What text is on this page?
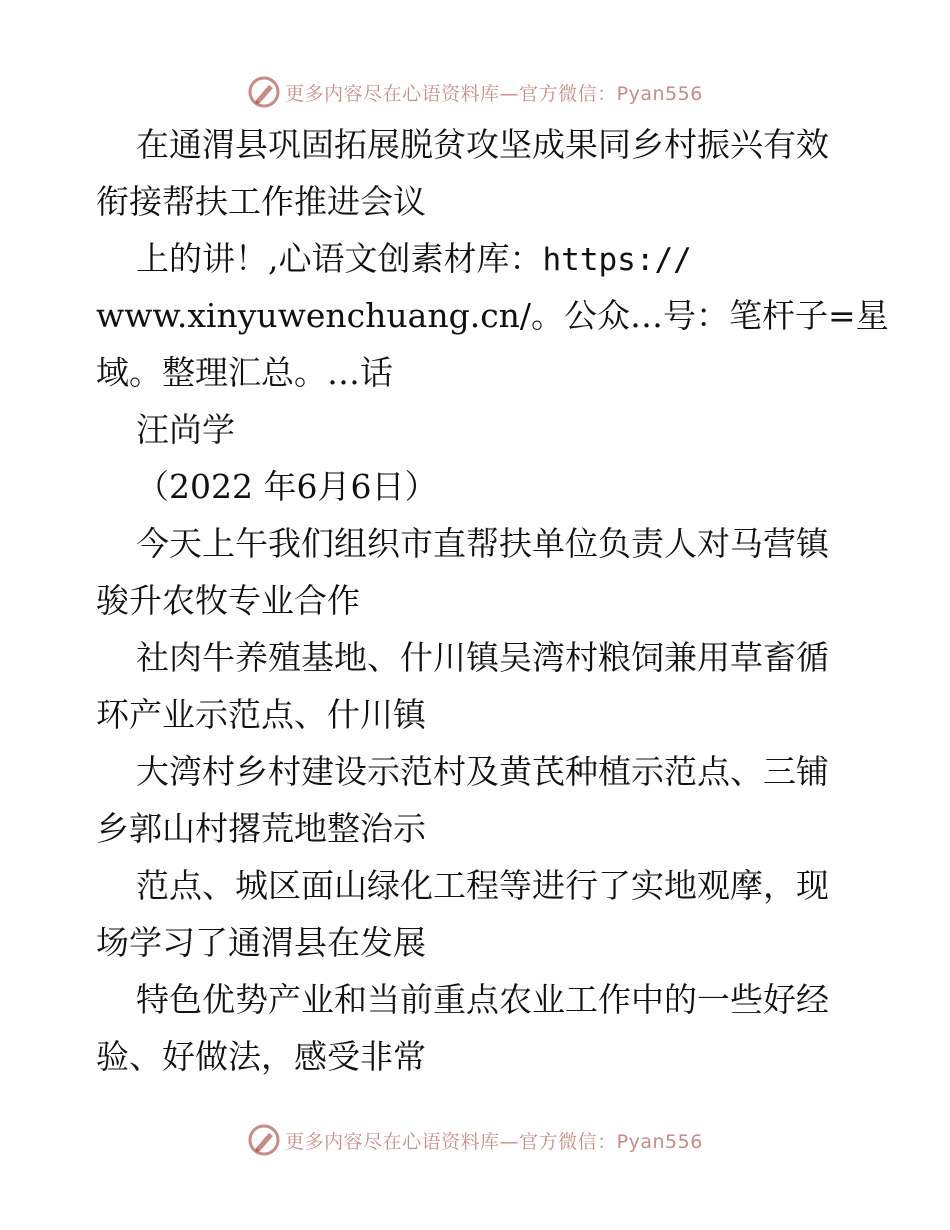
更多内容尽在心语资料库—官方微信：Pyan556
在通渭县巩固拓展脱贫攻坚成果同乡村振兴有效
衔接帮扶工作推进会议
上的讲！,心语文创素材库：https://
www.xinyuwenchuang.cn/。公众…号：笔杆子=星
域。整理汇总。…话
汪尚学
（2022 年6月6日）
今天上午我们组织市直帮扶单位负责人对马营镇
骏升农牧专业合作
社肉牛养殖基地、什川镇吴湾村粮饲兼用草畜循
环产业示范点、什川镇
大湾村乡村建设示范村及黄芪种植示范点、三铺
乡郭山村撂荒地整治示
范点、城区面山绿化工程等进行了实地观摩，现
场学习了通渭县在发展
特色优势产业和当前重点农业工作中的一些好经
验、好做法，感受非常
更多内容尽在心语资料库—官方微信：Pyan556
